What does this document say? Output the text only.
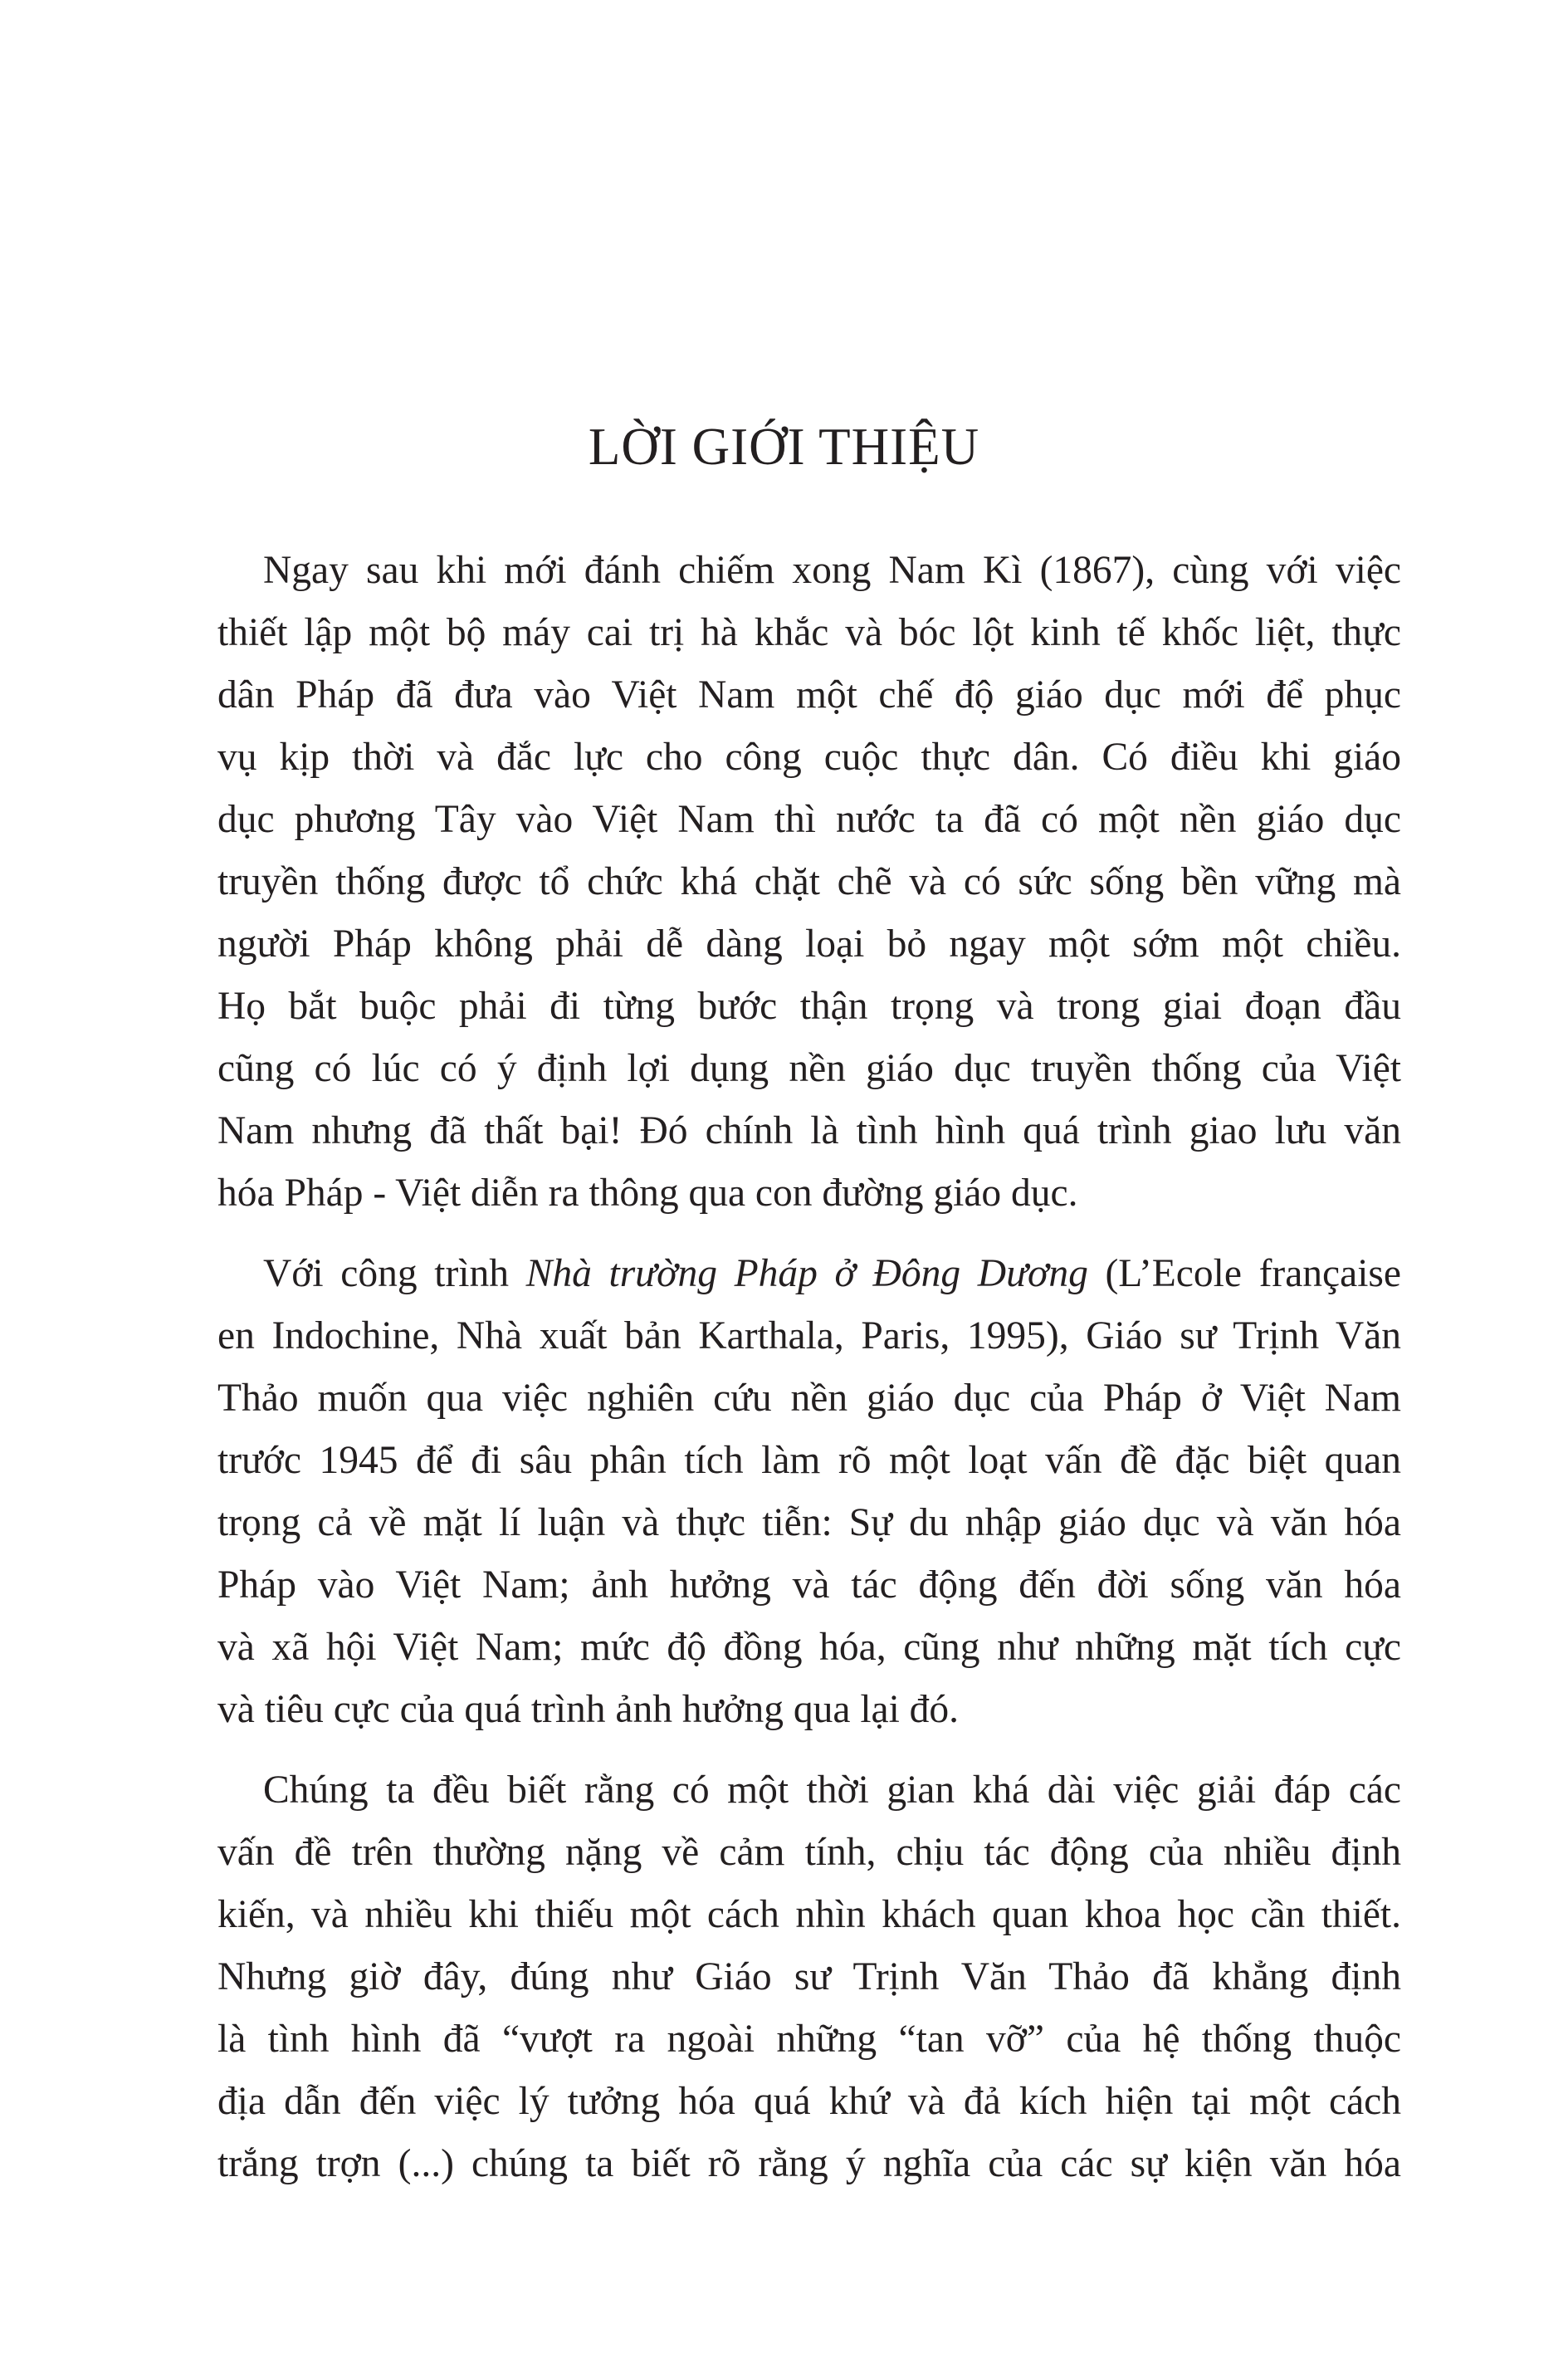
LỜI GIỚI THIỆU
Ngay sau khi mới đánh chiếm xong Nam Kì (1867), cùng với việc
thiết lập một bộ máy cai trị hà khắc và bóc lột kinh tế khốc liệt, thực
dân Pháp đã đưa vào Việt Nam một chế độ giáo dục mới để phục
vụ kịp thời và đắc lực cho công cuộc thực dân. Có điều khi giáo
dục phương Tây vào Việt Nam thì nước ta đã có một nền giáo dục
truyền thống được tổ chức khá chặt chẽ và có sức sống bền vững mà
người Pháp không phải dễ dàng loại bỏ ngay một sớm một chiều.
Họ bắt buộc phải đi từng bước thận trọng và trong giai đoạn đầu
cũng có lúc có ý định lợi dụng nền giáo dục truyền thống của Việt
Nam nhưng đã thất bại! Đó chính là tình hình quá trình giao lưu văn
hóa Pháp - Việt diễn ra thông qua con đường giáo dục.
Với công trình Nhà trường Pháp ở Đông Dương (L’Ecole française
en Indochine, Nhà xuất bản Karthala, Paris, 1995), Giáo sư Trịnh Văn
Thảo muốn qua việc nghiên cứu nền giáo dục của Pháp ở Việt Nam
trước 1945 để đi sâu phân tích làm rõ một loạt vấn đề đặc biệt quan
trọng cả về mặt lí luận và thực tiễn: Sự du nhập giáo dục và văn hóa
Pháp vào Việt Nam; ảnh hưởng và tác động đến đời sống văn hóa
và xã hội Việt Nam; mức độ đồng hóa, cũng như những mặt tích cực
và tiêu cực của quá trình ảnh hưởng qua lại đó.
Chúng ta đều biết rằng có một thời gian khá dài việc giải đáp các
vấn đề trên thường nặng về cảm tính, chịu tác động của nhiều định
kiến, và nhiều khi thiếu một cách nhìn khách quan khoa học cần thiết.
Nhưng giờ đây, đúng như Giáo sư Trịnh Văn Thảo đã khẳng định
là tình hình đã “vượt ra ngoài những “tan vỡ” của hệ thống thuộc
địa dẫn đến việc lý tưởng hóa quá khứ và đả kích hiện tại một cách
trắng trợn (...) chúng ta biết rõ rằng ý nghĩa của các sự kiện văn hóa
